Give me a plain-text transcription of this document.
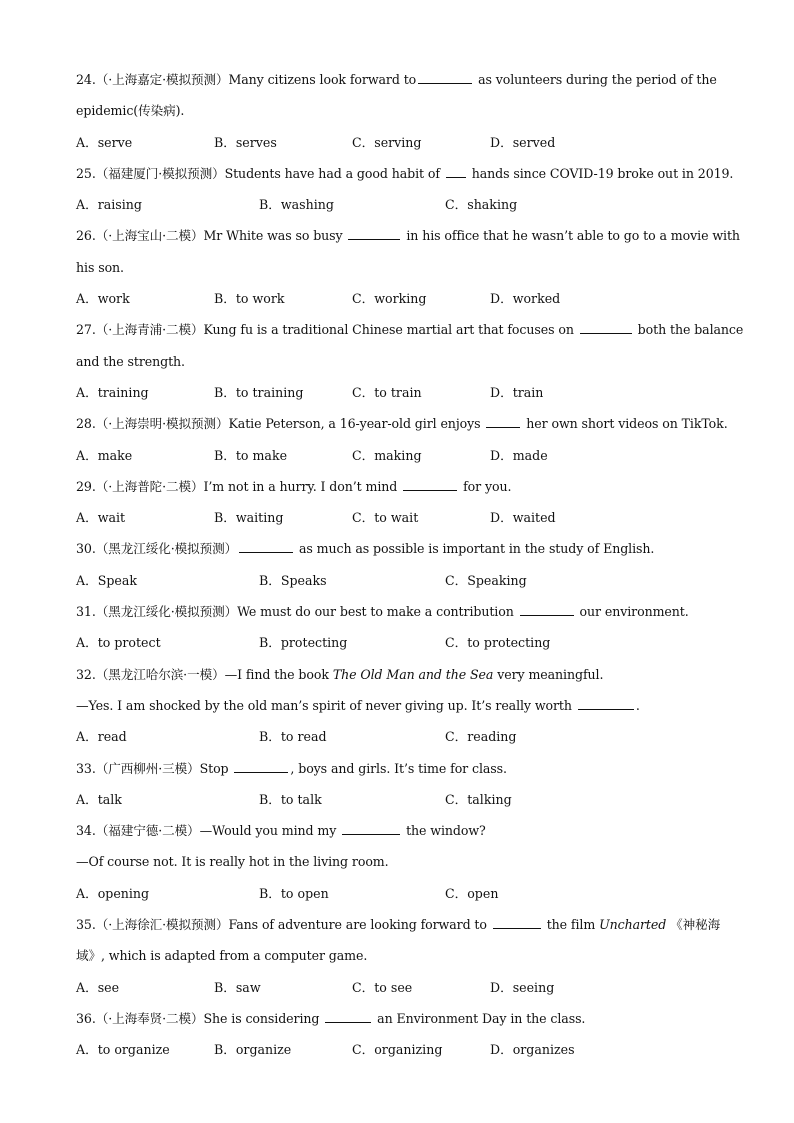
24.（·上海嘉定·模拟预测）Many citizens look forward to	as volunteers during the period of the
epidemic(传染病).
A．serve	B．serves	C．serving	D．served
25.（福建厦门·模拟预测）Students have had a good habit of	hands since COVID-19 broke out in 2019.
A．raising	B．washing	C．shaking
26.（·上海宝山·二模）Mr White was so busy	in his office that he wasn’t able to go to a movie with
his son.
A．work	B．to work	C．working	D．worked
27.（·上海青浦·二模）Kung fu is a traditional Chinese martial art that focuses on	both the balance
and the strength.
A．training	B．to training	C．to train	D．train
28.（·上海崇明·模拟预测）Katie Peterson, a 16-year-old girl enjoys	her own short videos on TikTok.
A．make	B．to make	C．making	D．made
29.（·上海普陀·二模）I’m not in a hurry. I don’t mind	for you.
A．wait	B．waiting	C．to wait	D．waited
30.（黑龙江绥化·模拟预测）	as much as possible is important in the study of English.
A．Speak	B．Speaks	C．Speaking
31.（黑龙江绥化·模拟预测）We must do our best to make a contribution	our environment.
A．to protect	B．protecting	C．to protecting
32.（黑龙江哈尔滨·一模）—I find the book The Old Man and the Sea very meaningful.
—Yes. I am shocked by the old man’s spirit of never giving up. It’s really worth	.
A．read	B．to read	C．reading
33.（广西柳州·三模）Stop	, boys and girls. It’s time for class.
A．talk	B．to talk	C．talking
34.（福建宁德·二模）—Would you mind my	the window?
—Of course not. It is really hot in the living room.
A．opening	B．to open	C．open
35.（·上海徐汇·模拟预测）Fans of adventure are looking forward to	the film Uncharted 《神秘海
域》, which is adapted from a computer game.
A．see	B．saw	C．to see	D．seeing
36.（·上海奉贤·二模）She is considering	an Environment Day in the class.
A．to organize	B．organize	C．organizing	D．organizes
